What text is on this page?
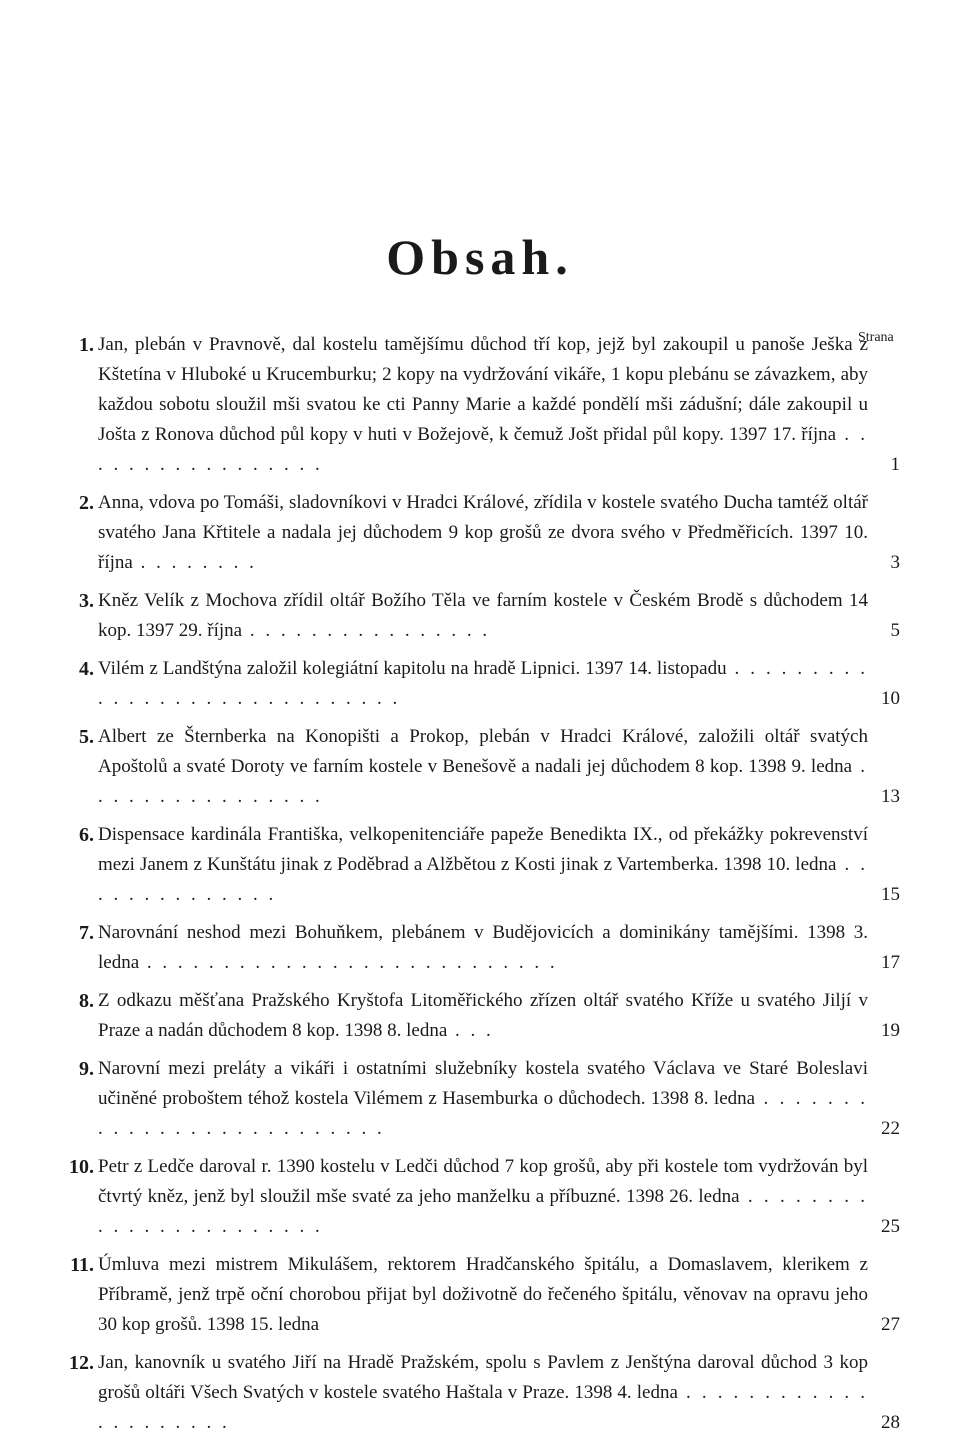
Obsah.
Strana
1. Jan, plebán v Pravnově, dal kostelu tamějšímu důchod tří kop, jejž byl zakoupil u panoše Ješka z Kštetína v Hluboké u Krucemburku; 2 kopy na vydržování vikáře, 1 kopu plebánu se závazkem, aby každou sobotu sloužil mši svatou ke cti Panny Marie a každé pondělí mši zádušní; dále zakoupil u Jošta z Ronova důchod půl kopy v huti v Božejově, k čemuž Jošt přidal půl kopy. 1397 17. října . . . . . . . . . . . . . . . . .	1
2. Anna, vdova po Tomáši, sladovníkovi v Hradci Králové, zřídila v kostele svatého Ducha tamtéž oltář svatého Jana Křtitele a nadala jej důchodem 9 kop grošů ze dvora svého v Předměřicích. 1397 10. října . . . . . . . .	3
3. Kněz Velík z Mochova zřídil oltář Božího Těla ve farním kostele v Českém Brodě s důchodem 14 kop. 1397 29. října . . . . . . . . . . . . . . . .	5
4. Vilém z Landštýna založil kolegiátní kapitolu na hradě Lipnici. 1397 14. listopadu . . . . . . . . . . . . . . . . . . . . . . . . . . . . .	10
5. Albert ze Šternberka na Konopišti a Prokop, plebán v Hradci Králové, založili oltář svatých Apoštolů a svaté Doroty ve farním kostele v Benešově a nadali jej důchodem 8 kop. 1398 9. ledna . . . . . . . . . . . . . . . .	13
6. Dispensace kardinála Františka, velkopenitenciáře papeže Benedikta IX., od překážky pokrevenství mezi Janem z Kunštátu jinak z Poděbrad a Alžbětou z Kosti jinak z Vartemberka. 1398 10. ledna . . . . . . . . . . . . . .	15
7. Narovnání neshod mezi Bohuňkem, plebánem v Budějovicích a dominikány tamějšími. 1398 3. ledna . . . . . . . . . . . . . . . . . . . . . . . . . . .	17
8. Z odkazu měšťana Pražského Kryštofa Litoměřického zřízen oltář svatého Kříže u svatého Jiljí v Praze a nadán důchodem 8 kop. 1398 8. ledna . . .	19
9. Narovní mezi preláty a vikáři i ostatními služebníky kostela svatého Václava ve Staré Boleslavi učiněné probоštem téhož kostela Vilémem z Hasemburka o důchodech. 1398 8. ledna . . . . . . . . . . . . . . . . . . . . . . . . . .	22
10. Petr z Ledče daroval r. 1390 kostelu v Ledči důchod 7 kop grošů, aby při kostele tom vydržován byl čtvrtý kněz, jenž byl sloužil mše svaté za jeho manželku a příbuzné. 1398 26. ledna . . . . . . . . . . . . . . . . . . . . . . .	25
11. Úmluva mezi mistrem Mikulášem, rektorem Hradčanského špitálu, a Domaslavem, klerikem z Příbramě, jenž trpě oční chorobou přijat byl doživotně do řečeného špitálu, věnovav na opravu jeho 30 kop grošů. 1398 15. ledna	27
12. Jan, kanovník u svatého Jiří na Hradě Pražském, spolu s Pavlem z Jenštýna daroval důchod 3 kop grošů oltáři Všech Svatých v kostele svatého Haštala v Praze. 1398 4. ledna . . . . . . . . . . . . . . . . . . . . .	28
